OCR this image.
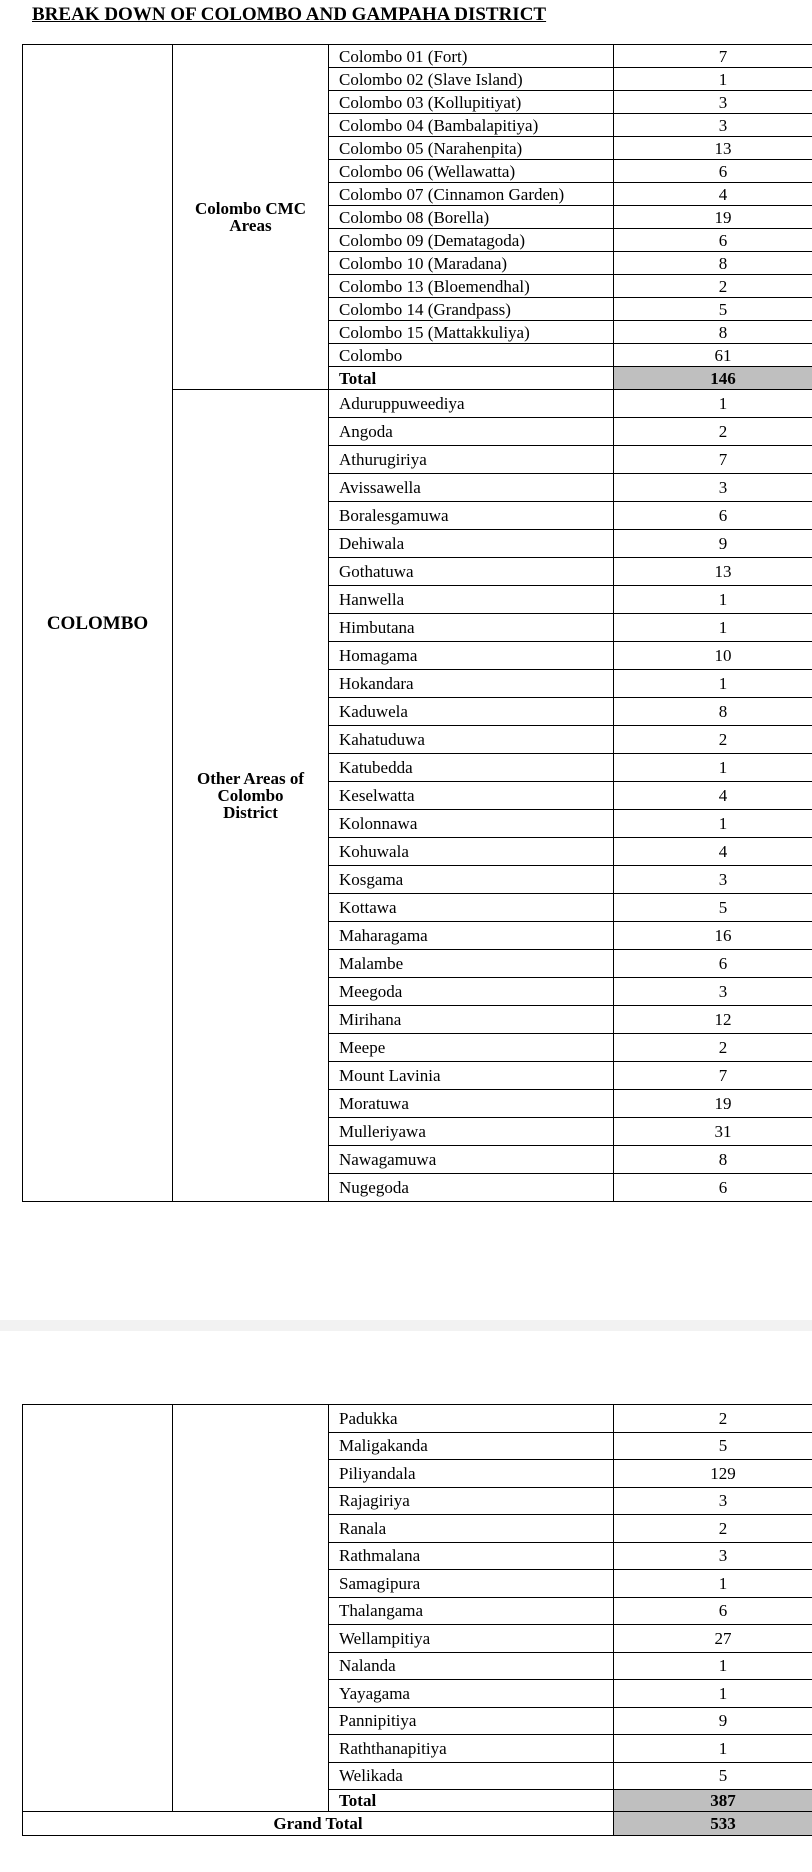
BREAK DOWN OF COLOMBO AND GAMPAHA DISTRICT
COLOMBO	Colombo CMC
Areas	Colombo 01 (Fort)	7
		Colombo 02 (Slave Island)	1
		Colombo 03 (Kollupitiyat)	3
		Colombo 04 (Bambalapitiya)	3
		Colombo 05 (Narahenpita)	13
		Colombo 06 (Wellawatta)	6
		Colombo 07 (Cinnamon Garden)	4
		Colombo 08 (Borella)	19
		Colombo 09 (Dematagoda)	6
		Colombo 10 (Maradana)	8
		Colombo 13 (Bloemendhal)	2
		Colombo 14 (Grandpass)	5
		Colombo 15 (Mattakkuliya)	8
		Colombo	61
		Total	146
	Other Areas of
Colombo
District	Aduruppuweediya	1
		Angoda	2
		Athurugiriya	7
		Avissawella	3
		Boralesgamuwa	6
		Dehiwala	9
		Gothatuwa	13
		Hanwella	1
		Himbutana	1
		Homagama	10
		Hokandara	1
		Kaduwela	8
		Kahatuduwa	2
		Katubedda	1
		Keselwatta	4
		Kolonnawa	1
		Kohuwala	4
		Kosgama	3
		Kottawa	5
		Maharagama	16
		Malambe	6
		Meegoda	3
		Mirihana	12
		Meepe	2
		Mount Lavinia	7
		Moratuwa	19
		Mulleriyawa	31
		Nawagamuwa	8
		Nugegoda	6
		Padukka	2
		Maligakanda	5
		Piliyandala	129
		Rajagiriya	3
		Ranala	2
		Rathmalana	3
		Samagipura	1
		Thalangama	6
		Wellampitiya	27
		Nalanda	1
		Yayagama	1
		Pannipitiya	9
		Raththanapitiya	1
		Welikada	5
		Total	387
Grand Total			533
